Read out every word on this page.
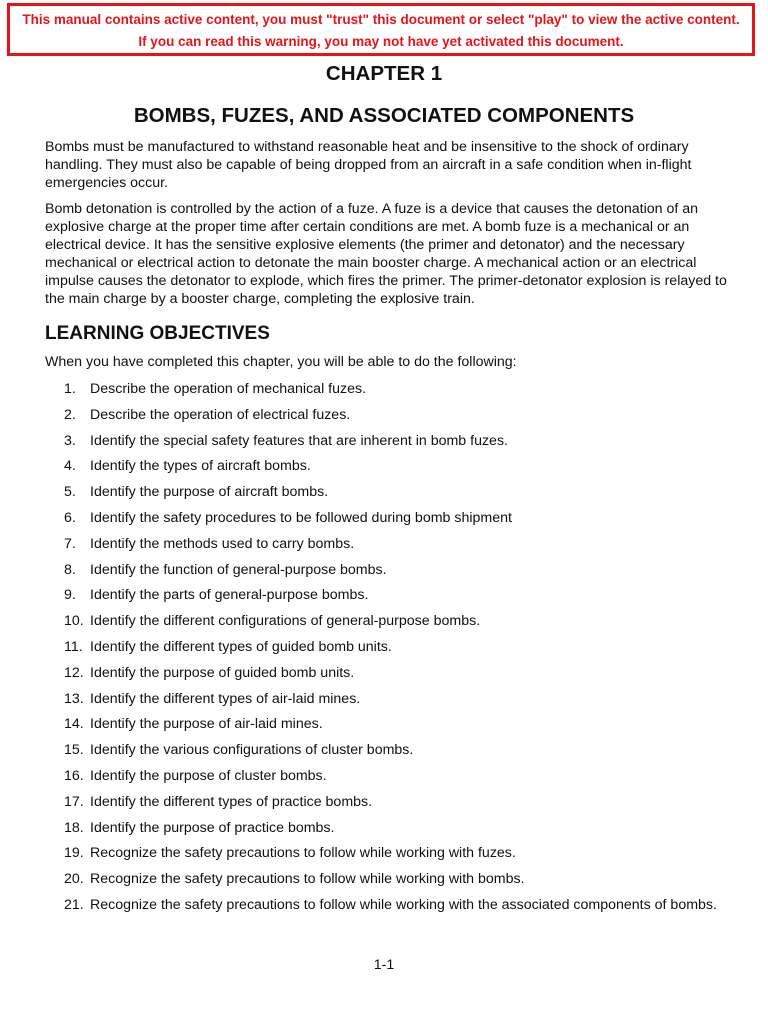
This manual contains active content, you must "trust" this document or select "play" to view the active content.
If you can read this warning, you may not have yet activated this document.
CHAPTER 1
BOMBS, FUZES, AND ASSOCIATED COMPONENTS
Bombs must be manufactured to withstand reasonable heat and be insensitive to the shock of ordinary handling. They must also be capable of being dropped from an aircraft in a safe condition when in-flight emergencies occur.
Bomb detonation is controlled by the action of a fuze. A fuze is a device that causes the detonation of an explosive charge at the proper time after certain conditions are met. A bomb fuze is a mechanical or an electrical device. It has the sensitive explosive elements (the primer and detonator) and the necessary mechanical or electrical action to detonate the main booster charge. A mechanical action or an electrical impulse causes the detonator to explode, which fires the primer. The primer-detonator explosion is relayed to the main charge by a booster charge, completing the explosive train.
LEARNING OBJECTIVES
When you have completed this chapter, you will be able to do the following:
1. Describe the operation of mechanical fuzes.
2. Describe the operation of electrical fuzes.
3. Identify the special safety features that are inherent in bomb fuzes.
4. Identify the types of aircraft bombs.
5. Identify the purpose of aircraft bombs.
6. Identify the safety procedures to be followed during bomb shipment
7. Identify the methods used to carry bombs.
8. Identify the function of general-purpose bombs.
9. Identify the parts of general-purpose bombs.
10. Identify the different configurations of general-purpose bombs.
11. Identify the different types of guided bomb units.
12. Identify the purpose of guided bomb units.
13. Identify the different types of air-laid mines.
14. Identify the purpose of air-laid mines.
15. Identify the various configurations of cluster bombs.
16. Identify the purpose of cluster bombs.
17. Identify the different types of practice bombs.
18. Identify the purpose of practice bombs.
19. Recognize the safety precautions to follow while working with fuzes.
20. Recognize the safety precautions to follow while working with bombs.
21. Recognize the safety precautions to follow while working with the associated components of bombs.
1-1
